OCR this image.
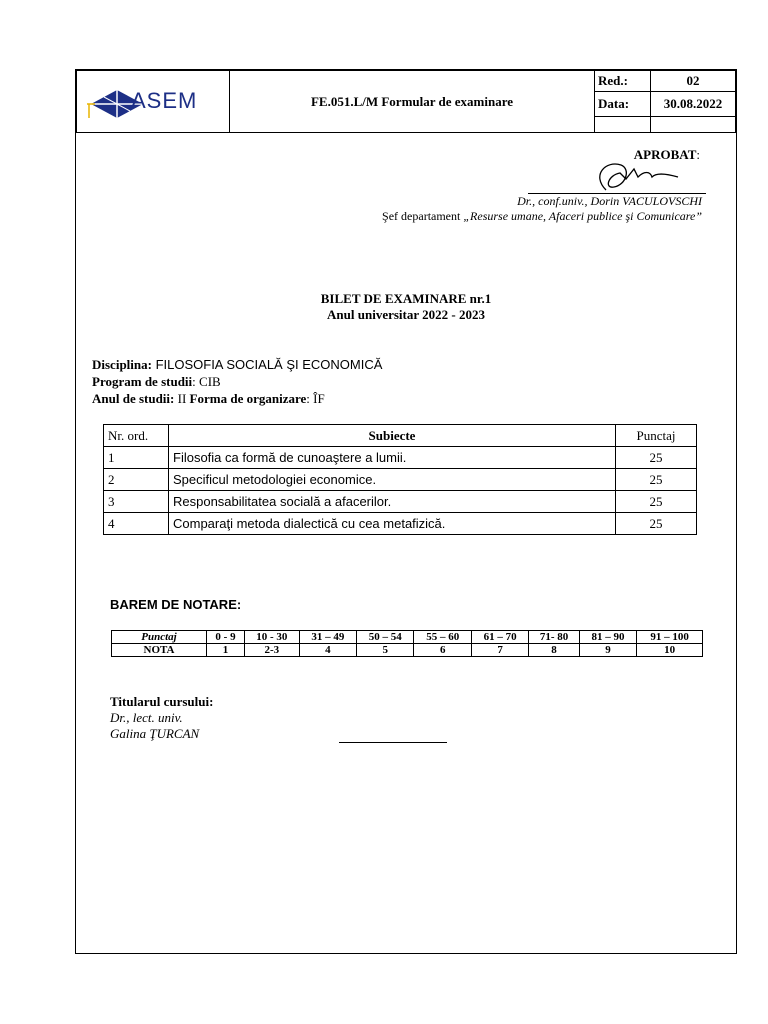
ASEM	FE.051.L/M Formular de examinare	Red.:	02
		Data:	30.08.2022

APROBAT:
Dr., conf.univ., Dorin VACULOVSCHI
Şef departament „Resurse umane, Afaceri publice şi Comunicare”
BILET DE EXAMINARE nr.1
Anul universitar 2022 - 2023
Disciplina: FILOSOFIA SOCIALĂ ŞI ECONOMICĂ
Program de studii: CIB
Anul de studii: II Forma de organizare: ÎF
Nr. ord.	Subiecte	Punctaj
1	Filosofia ca formă de cunoaştere a lumii.	25
2	Specificul metodologiei economice.	25
3	Responsabilitatea socială a afacerilor.	25
4	Comparaţi metoda dialectică cu cea metafizică.	25
BAREM DE NOTARE:
Punctaj	0 - 9	10 - 30	31 – 49	50 – 54	55 – 60	61 – 70	71- 80	81 – 90	91 – 100
NOTA	1	2-3	4	5	6	7	8	9	10
Titularul cursului:
Dr., lect. univ.
Galina ŢURCAN
